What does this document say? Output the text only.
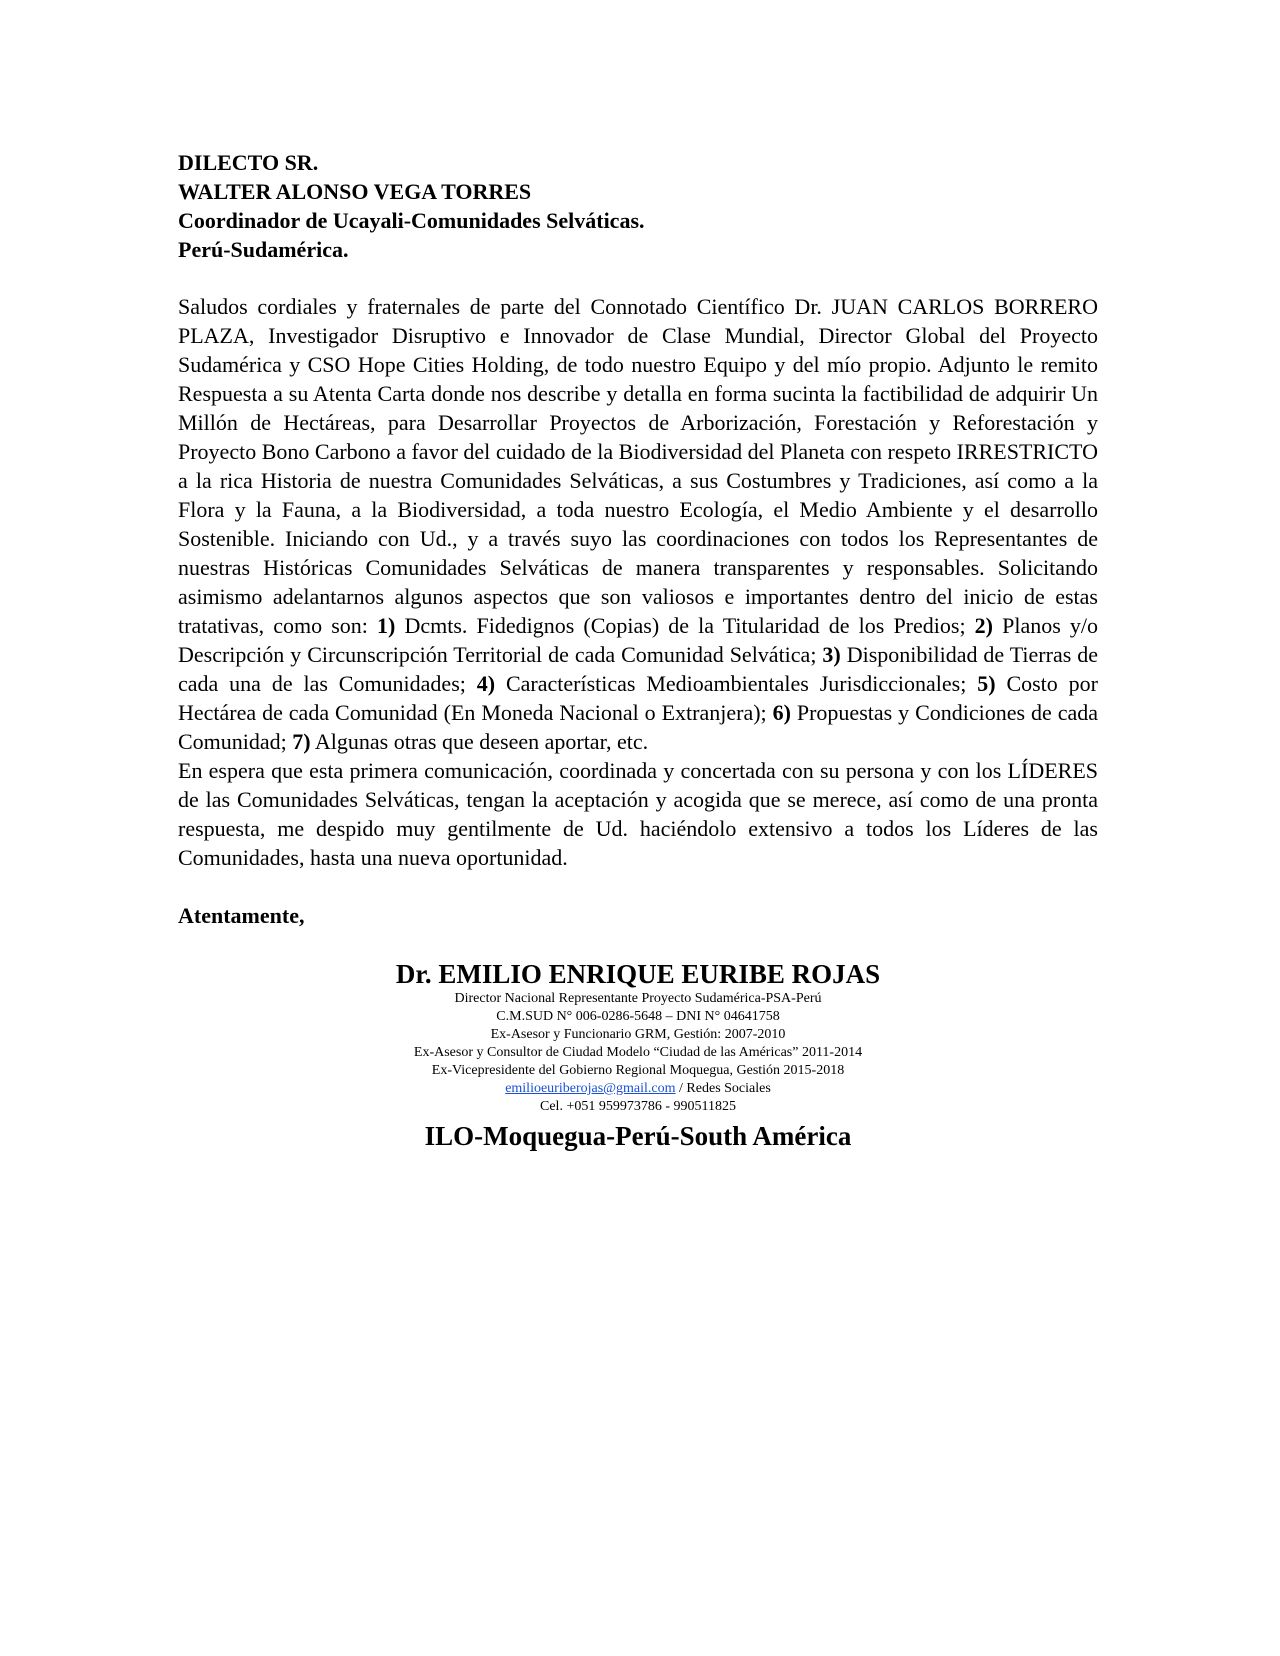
DILECTO SR.
WALTER ALONSO VEGA TORRES
Coordinador de Ucayali-Comunidades Selváticas.
Perú-Sudamérica.

Saludos cordiales y fraternales de parte del Connotado Científico Dr. JUAN CARLOS BORRERO PLAZA, Investigador Disruptivo e Innovador de Clase Mundial, Director Global del Proyecto Sudamérica y CSO Hope Cities Holding, de todo nuestro Equipo y del mío propio. Adjunto le remito Respuesta a su Atenta Carta donde nos describe y detalla en forma sucinta la factibilidad de adquirir Un Millón de Hectáreas, para Desarrollar Proyectos de Arborización, Forestación y Reforestación y Proyecto Bono Carbono a favor del cuidado de la Biodiversidad del Planeta con respeto IRRESTRICTO a la rica Historia de nuestra Comunidades Selváticas, a sus Costumbres y Tradiciones, así como a la Flora y la Fauna, a la Biodiversidad, a toda nuestro Ecología, el Medio Ambiente y el desarrollo Sostenible. Iniciando con Ud., y a través suyo las coordinaciones con todos los Representantes de nuestras Históricas Comunidades Selváticas de manera transparentes y responsables. Solicitando asimismo adelantarnos algunos aspectos que son valiosos e importantes dentro del inicio de estas tratativas, como son: 1) Dcmts. Fidedignos (Copias) de la Titularidad de los Predios; 2) Planos y/o Descripción y Circunscripción Territorial de cada Comunidad Selvática; 3) Disponibilidad de Tierras de cada una de las Comunidades; 4) Características Medioambientales Jurisdiccionales; 5) Costo por Hectárea de cada Comunidad (En Moneda Nacional o Extranjera); 6) Propuestas y Condiciones de cada Comunidad; 7) Algunas otras que deseen aportar, etc.

En espera que esta primera comunicación, coordinada y concertada con su persona y con los LÍDERES de las Comunidades Selváticas, tengan la aceptación y acogida que se merece, así como de una pronta respuesta, me despido muy gentilmente de Ud. haciéndolo extensivo a todos los Líderes de las Comunidades, hasta una nueva oportunidad.

Atentamente,
Dr. EMILIO ENRIQUE EURIBE ROJAS
Director Nacional Representante Proyecto Sudamérica-PSA-Perú
C.M.SUD N° 006-0286-5648 – DNI N° 04641758
Ex-Asesor y Funcionario GRM, Gestión: 2007-2010
Ex-Asesor y Consultor de Ciudad Modelo “Ciudad de las Américas” 2011-2014
Ex-Vicepresidente del Gobierno Regional Moquegua, Gestión 2015-2018
emilioeuriberojas@gmail.com / Redes Sociales
Cel. +051 959973786 - 990511825
ILO-Moquegua-Perú-South América
